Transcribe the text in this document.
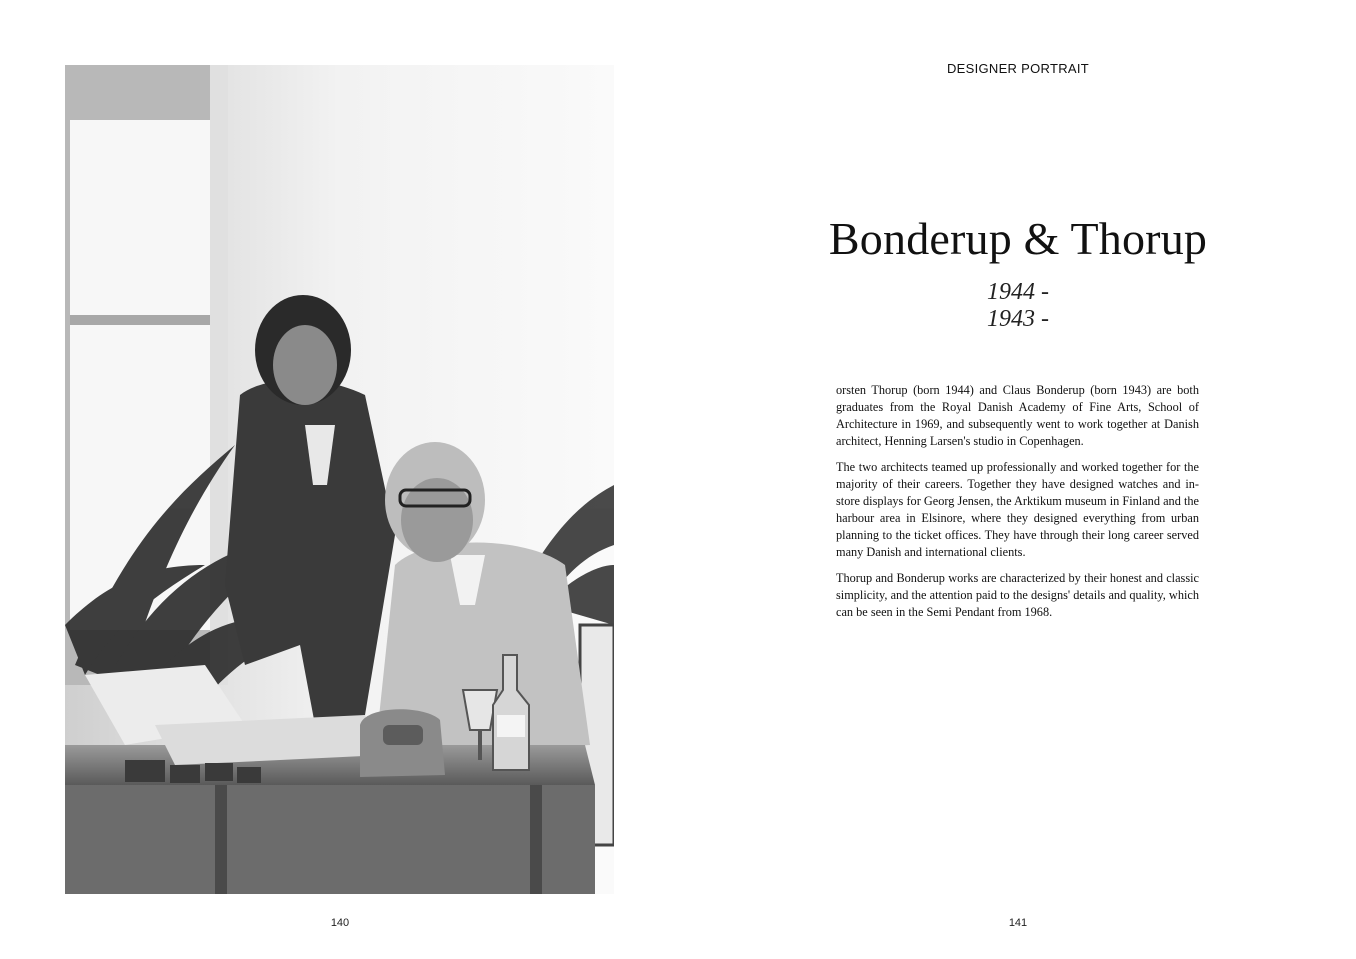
140
DESIGNER PORTRAIT
Bonderup & Thorup
1944 -
1943 -

orsten Thorup (born 1944) and Claus Bonderup (born 1943) are both graduates from the Royal Danish Academy of Fine Arts, School of Architecture in 1969, and subsequently went to work together at Danish architect, Henning Larsen's studio in Copenhagen.

The two architects teamed up professionally and worked together for the majority of their careers. Together they have designed watches and in-store displays for Georg Jensen, the Arktikum museum in Finland and the harbour area in Elsinore, where they designed everything from urban planning to the ticket offices. They have through their long career served many Danish and international clients.

Thorup and Bonderup works are characterized by their honest and classic simplicity, and the attention paid to the designs' details and quality, which can be seen in the Semi Pendant from 1968.

141
